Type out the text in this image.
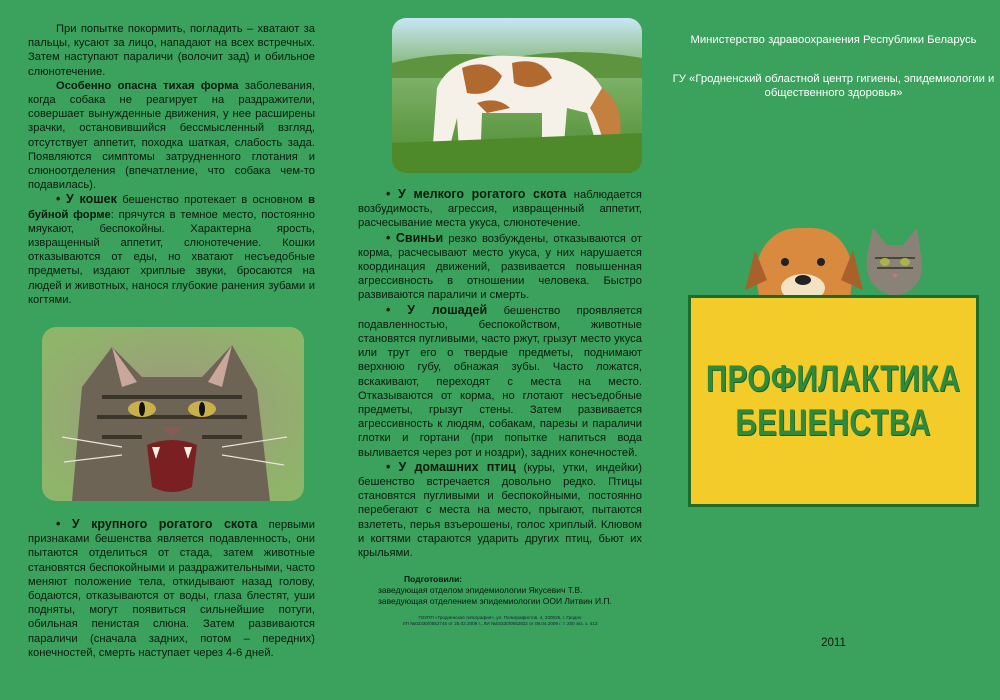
При попытке покормить, погладить – хватают за пальцы, кусают за лицо, нападают на всех встречных. Затем наступают параличи (волочит зад) и обильное слюнотечение.

Особенно опасна тихая форма заболевания, когда собака не реагирует на раздражители, совершает вынужденные движения, у нее расширены зрачки, остановившийся бессмысленный взгляд, отсутствует аппетит, походка шаткая, слабость зада. Появляются симптомы затрудненного глотания и слюноотделения (впечатление, что собака чем-то подавилась).

• У кошек бешенство протекает в основном в буйной форме: прячутся в темное место, постоянно мяукают, беспокойны. Характерна ярость, извращенный аппетит, слюнотечение. Кошки отказываются от еды, но хватают несъедобные предметы, издают хриплые звуки, бросаются на людей и животных, нанося глубокие ранения зубами и когтями.

• У крупного рогатого скота первыми признаками бешенства является подавленность, они пытаются отделиться от стада, затем животные становятся беспокойными и раздражительными, часто меняют положение тела, откидывают назад голову, бодаются, отказываются от воды, глаза блестят, уши подняты, могут появиться сильнейшие потуги, обильная пенистая слюна. Затем развиваются параличи (сначала задних, потом – передних) конечностей, смерть наступает через 4-6 дней.

• У мелкого рогатого скота наблюдается возбудимость, агрессия, извращенный аппетит, расчесывание места укуса, слюнотечение.

• Свиньи резко возбуждены, отказываются от корма, расчесывают место укуса, у них нарушается координация движений, развивается повышенная агрессивность в отношении человека. Быстро развиваются параличи и смерть.

• У лошадей бешенство проявляется подавленностью, беспокойством, животные становятся пугливыми, часто ржут, грызут место укуса или трут его о твердые предметы, поднимают верхнюю губу, обнажая зубы. Часто ложатся, вскакивают, переходят с места на место. Отказываются от корма, но глотают несъедобные предметы, грызут стены. Затем развивается агрессивность к людям, собакам, парезы и параличи глотки и гортани (при попытке напиться вода выливается через рот и ноздри), задних конечностей.

• У домашних птиц (куры, утки, индейки) бешенство встречается довольно редко. Птицы становятся пугливыми и беспокойными, постоянно перебегают с места на место, прыгают, пытаются взлететь, перья взъерошены, голос хриплый. Клювом и когтями стараются ударить других птиц, бьют их крыльями.

Подготовили:
заведующая отделом эпидемиологии Якусевич Т.В.
заведующая отделением эпидемиологии ООИ Литвин И.П.
ГОУПП «Гродненская типография», ул. Полиграфистов, 4, 230025, г. Гродно
ЛП №02330/0552745 от 25.02.2009 г., ЛИ №02330/0552822 от 08.04.2009 г. т. 200 экз. з. 413
Министерство здравоохранения Республики Беларусь
ГУ «Гродненский областной центр гигиены, эпидемиологии и общественного здоровья»
ПРОФИЛАКТИКА
БЕШЕНСТВА
2011
